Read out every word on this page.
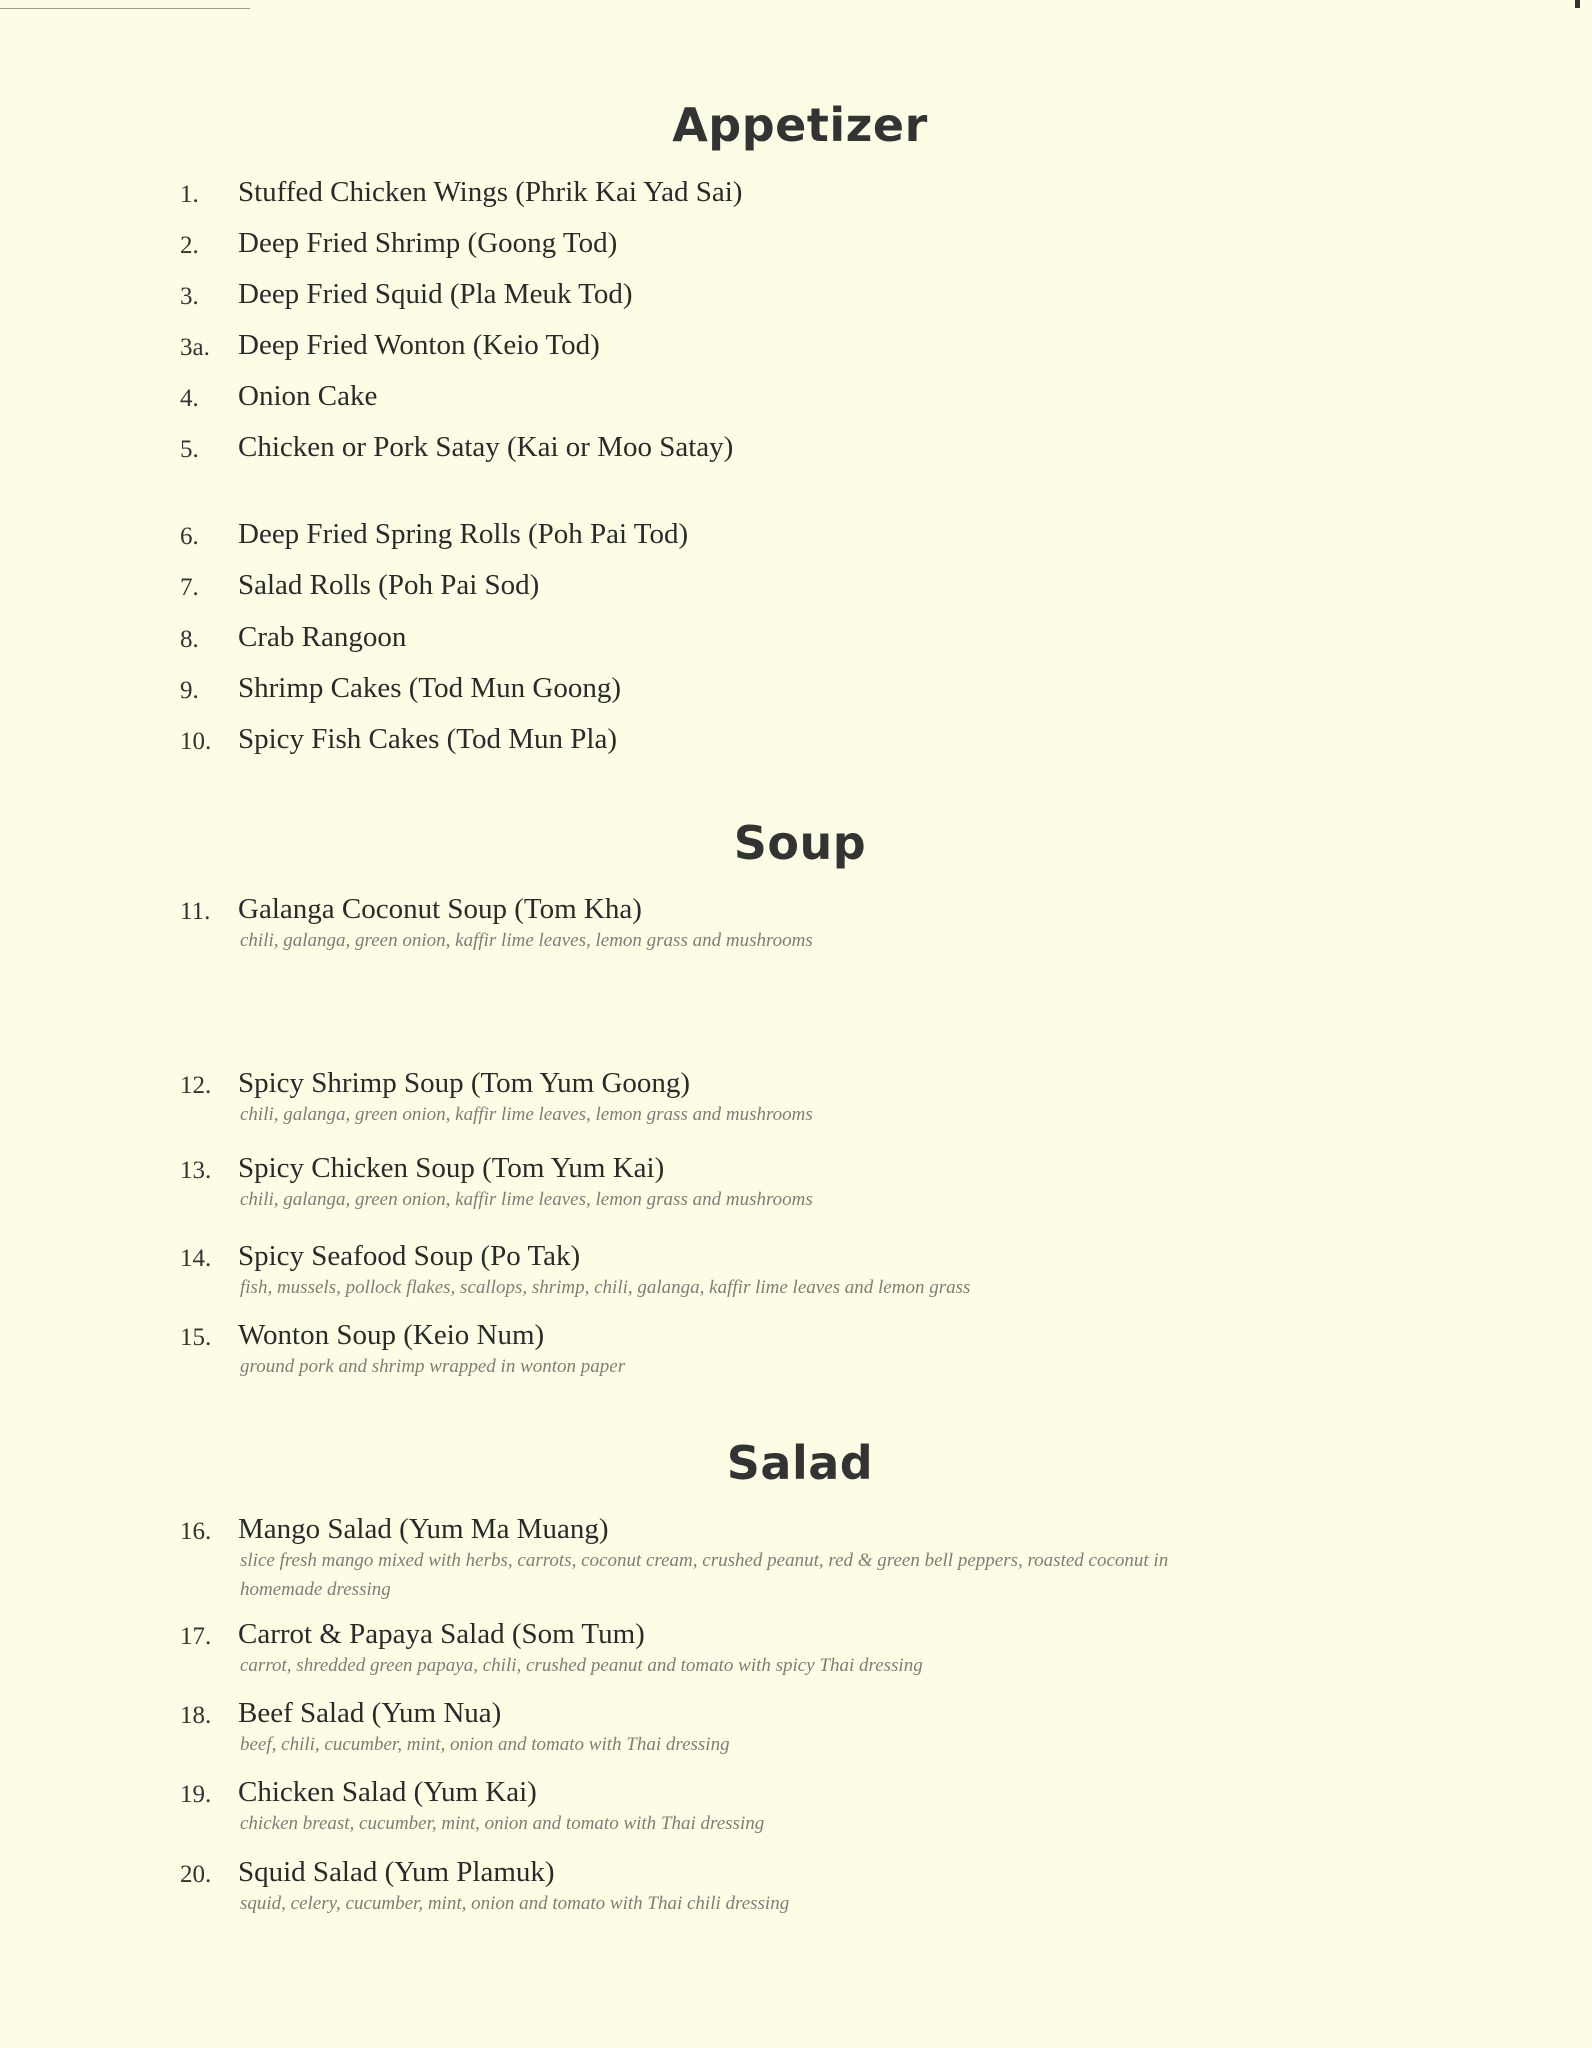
Appetizer
1.	Stuffed Chicken Wings (Phrik Kai Yad Sai)
2.	Deep Fried Shrimp (Goong Tod)
3.	Deep Fried Squid (Pla Meuk Tod)
3a. Deep Fried Wonton (Keio Tod)
4.	Onion Cake
5.	Chicken or Pork Satay (Kai or Moo Satay)
6.	Deep Fried Spring Rolls (Poh Pai Tod)
7.	Salad Rolls (Poh Pai Sod)
8.	Crab Rangoon
9.	Shrimp Cakes (Tod Mun Goong)
10. Spicy Fish Cakes (Tod Mun Pla)
Soup
11. Galanga Coconut Soup (Tom Kha)
chili, galanga, green onion, kaffir lime leaves, lemon grass and mushrooms
12. Spicy Shrimp Soup (Tom Yum Goong)
chili, galanga, green onion, kaffir lime leaves, lemon grass and mushrooms
13. Spicy Chicken Soup (Tom Yum Kai)
chili, galanga, green onion, kaffir lime leaves, lemon grass and mushrooms
14. Spicy Seafood Soup (Po Tak)
fish, mussels, pollock flakes, scallops, shrimp, chili, galanga, kaffir lime leaves and lemon grass
15. Wonton Soup (Keio Num)
ground pork and shrimp wrapped in wonton paper
Salad
16. Mango Salad (Yum Ma Muang)
slice fresh mango mixed with herbs, carrots, coconut cream, crushed peanut, red & green bell peppers, roasted coconut in homemade dressing
17. Carrot & Papaya Salad (Som Tum)
carrot, shredded green papaya, chili, crushed peanut and tomato with spicy Thai dressing
18. Beef Salad (Yum Nua)
beef, chili, cucumber, mint, onion and tomato with Thai dressing
19. Chicken Salad (Yum Kai)
chicken breast, cucumber, mint, onion and tomato with Thai dressing
20. Squid Salad (Yum Plamuk)
squid, celery, cucumber, mint, onion and tomato with Thai chili dressing
